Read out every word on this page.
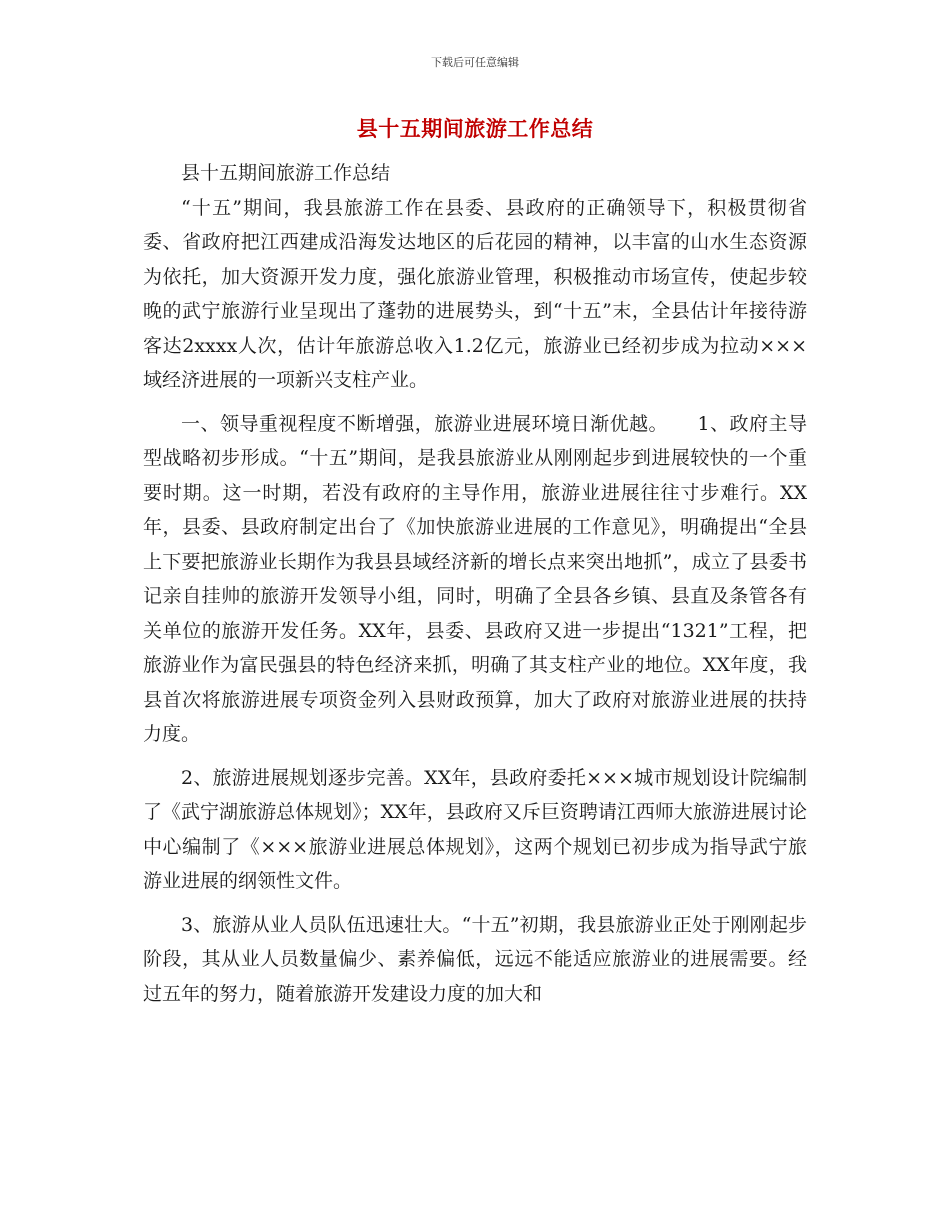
下载后可任意编辑
县十五期间旅游工作总结

县十五期间旅游工作总结

“十五”期间，我县旅游工作在县委、县政府的正确领导下，积极贯彻省委、省政府把江西建成沿海发达地区的后花园的精神，以丰富的山水生态资源为依托，加大资源开发力度，强化旅游业管理，积极推动市场宣传，使起步较晚的武宁旅游行业呈现出了蓬勃的进展势头，到“十五”末，全县估计年接待游客达2xxxx人次，估计年旅游总收入1.2亿元，旅游业已经初步成为拉动×××域经济进展的一项新兴支柱产业。

一、领导重视程度不断增强，旅游业进展环境日渐优越。　　1、政府主导型战略初步形成。“十五”期间，是我县旅游业从刚刚起步到进展较快的一个重要时期。这一时期，若没有政府的主导作用，旅游业进展往往寸步难行。XX年，县委、县政府制定出台了《加快旅游业进展的工作意见》，明确提出“全县上下要把旅游业长期作为我县县域经济新的增长点来突出地抓”，成立了县委书记亲自挂帅的旅游开发领导小组，同时，明确了全县各乡镇、县直及条管各有关单位的旅游开发任务。XX年，县委、县政府又进一步提出“1321”工程，把旅游业作为富民强县的特色经济来抓，明确了其支柱产业的地位。XX年度，我县首次将旅游进展专项资金列入县财政预算，加大了政府对旅游业进展的扶持力度。

2、旅游进展规划逐步完善。XX年，县政府委托×××城市规划设计院编制了《武宁湖旅游总体规划》；XX年，县政府又斥巨资聘请江西师大旅游进展讨论中心编制了《×××旅游业进展总体规划》，这两个规划已初步成为指导武宁旅游业进展的纲领性文件。

3、旅游从业人员队伍迅速壮大。“十五”初期，我县旅游业正处于刚刚起步阶段，其从业人员数量偏少、素养偏低，远远不能适应旅游业的进展需要。经过五年的努力，随着旅游开发建设力度的加大和
